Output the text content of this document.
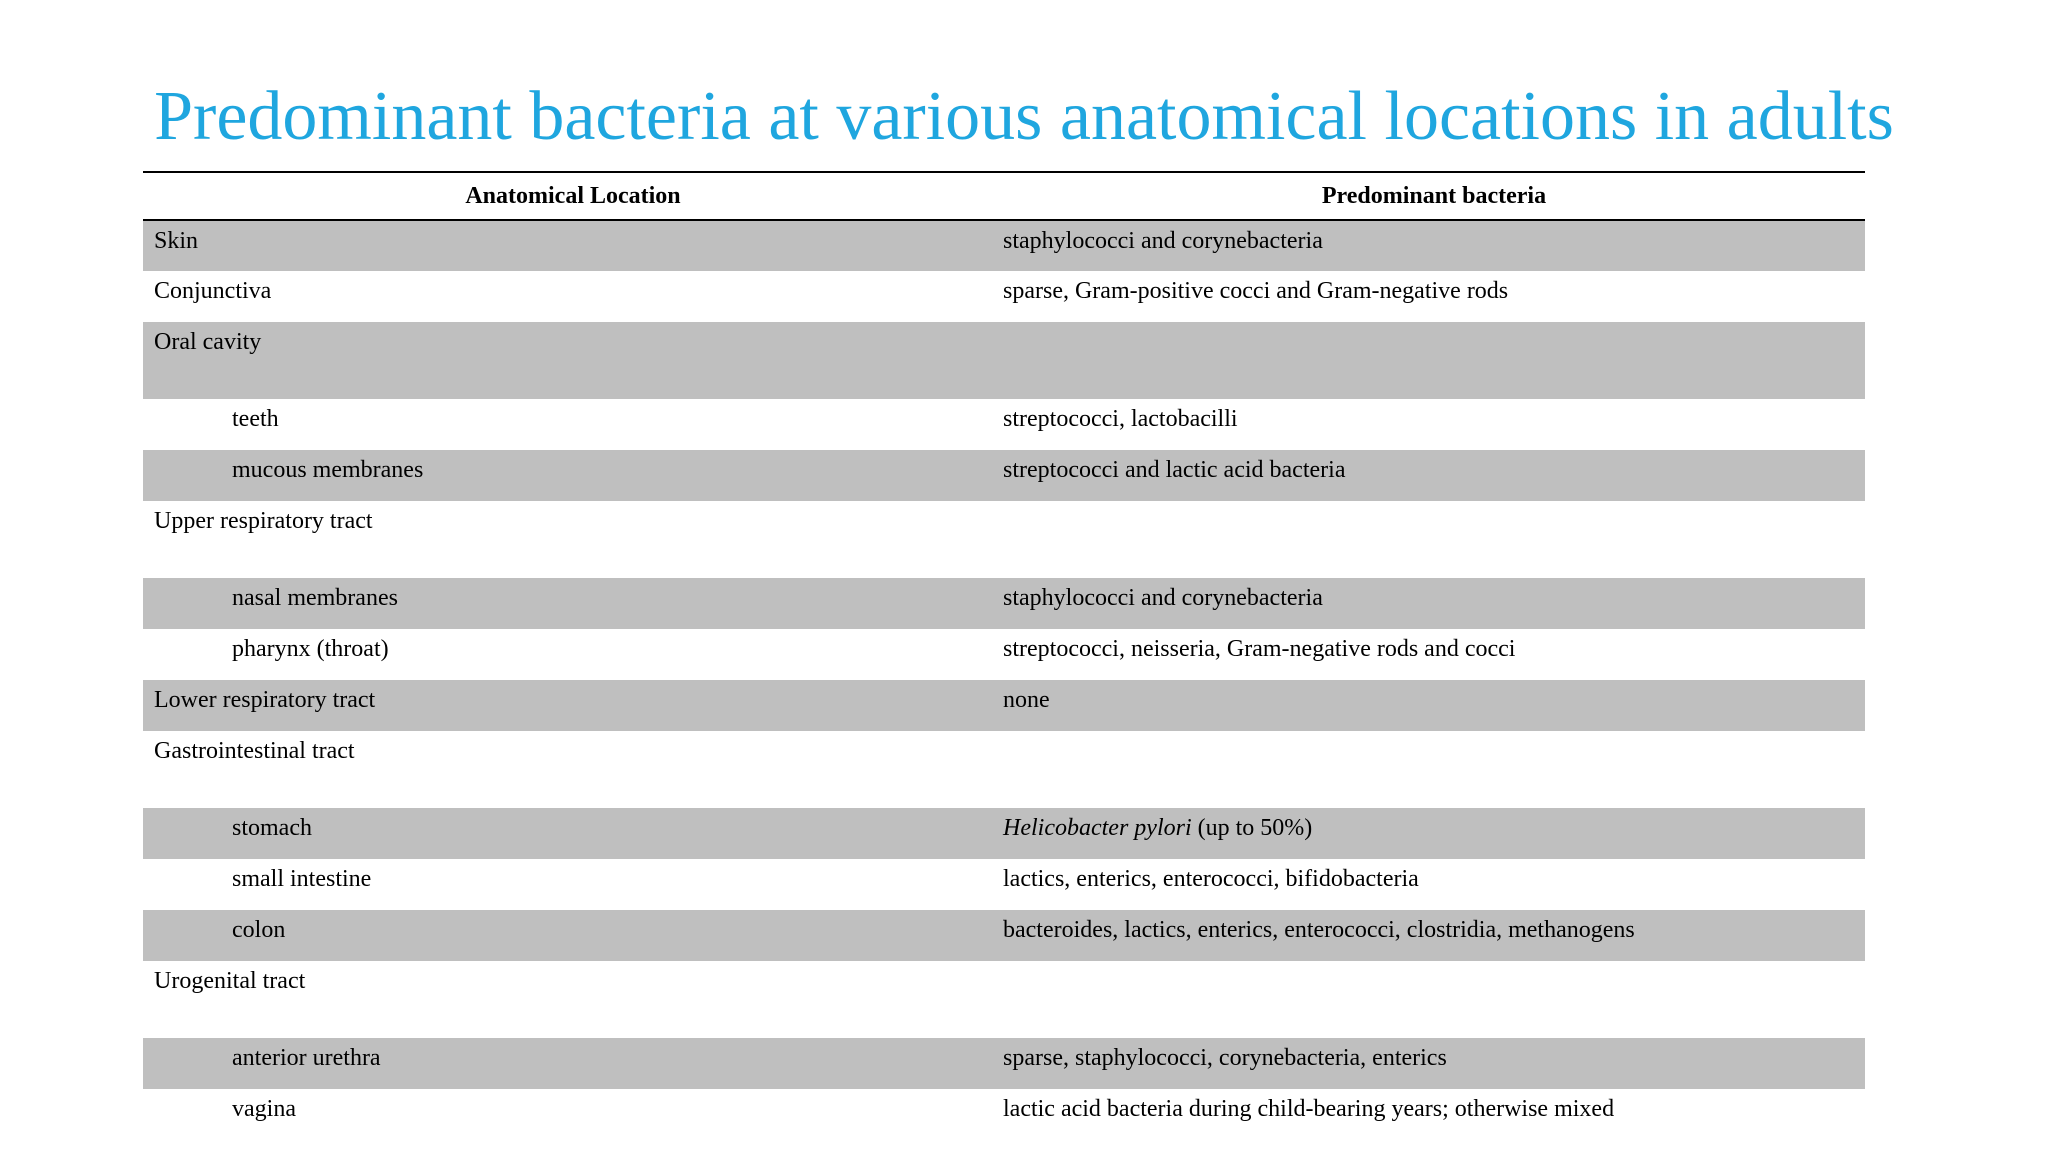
Predominant bacteria at various anatomical locations in adults
Anatomical Location	Predominant bacteria
Skin	staphylococci and corynebacteria
Conjunctiva	sparse, Gram-positive cocci and Gram-negative rods
Oral cavity	
teeth	streptococci, lactobacilli
mucous membranes	streptococci and lactic acid bacteria
Upper respiratory tract	
nasal membranes	staphylococci and corynebacteria
pharynx (throat)	streptococci, neisseria, Gram-negative rods and cocci
Lower respiratory tract	none
Gastrointestinal tract	
stomach	Helicobacter pylori (up to 50%)
small intestine	lactics, enterics, enterococci, bifidobacteria
colon	bacteroides, lactics, enterics, enterococci, clostridia, methanogens
Urogenital tract	
anterior urethra	sparse, staphylococci, corynebacteria, enterics
vagina	lactic acid bacteria during child-bearing years; otherwise mixed
